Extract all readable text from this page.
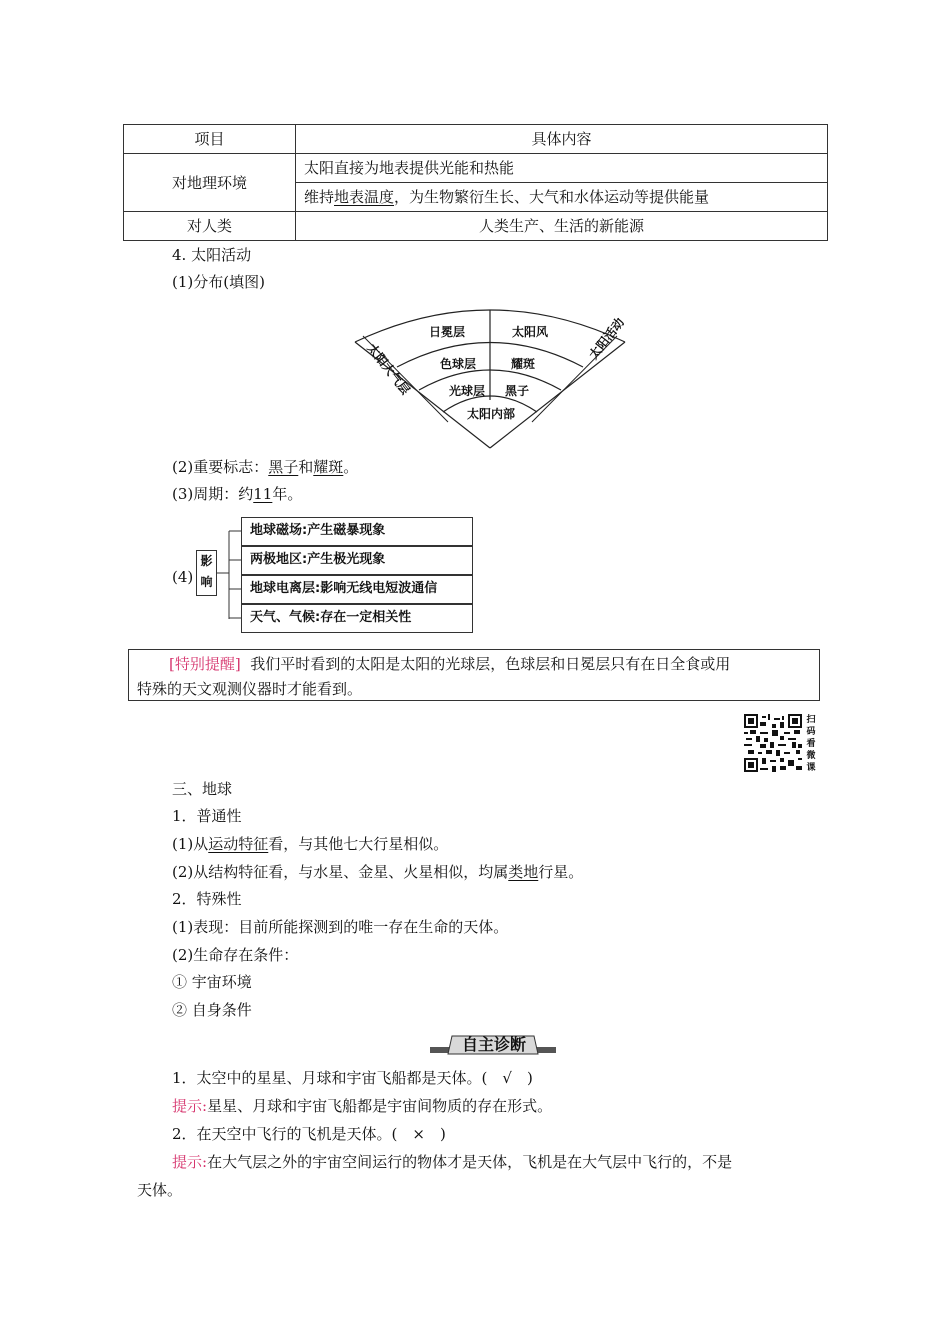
项目	具体内容
对地理环境	太阳直接为地表提供光能和热能
	维持地表温度，为生物繁衍生长、大气和水体运动等提供能量
对人类	人类生产、生活的新能源
4. 太阳活动
(1)分布(填图)
日冕层	太阳风
色球层	耀斑
光球层 黑子
太阳内部
太阳大气层
太阳活动
(2)重要标志：黑子和耀斑。
(3)周期：约11年。
(4)
影响
地球磁场:产生磁暴现象
两极地区:产生极光现象
地球电离层:影响无线电短波通信
天气、气候:存在一定相关性
[特别提醒] 我们平时看到的太阳是太阳的光球层，色球层和日冕层只有在日全食或用
特殊的天文观测仪器时才能看到。
扫码看微课
三、地球
1．普通性
(1)从运动特征看，与其他七大行星相似。
(2)从结构特征看，与水星、金星、火星相似，均属类地行星。
2．特殊性
(1)表现：目前所能探测到的唯一存在生命的天体。
(2)生命存在条件：
① 宇宙环境
② 自身条件
自主诊断
1．太空中的星星、月球和宇宙飞船都是天体。(　√　)
提示:星星、月球和宇宙飞船都是宇宙间物质的存在形式。
2．在天空中飞行的飞机是天体。(　×　)
提示:在大气层之外的宇宙空间运行的物体才是天体，飞机是在大气层中飞行的，不是
天体。
